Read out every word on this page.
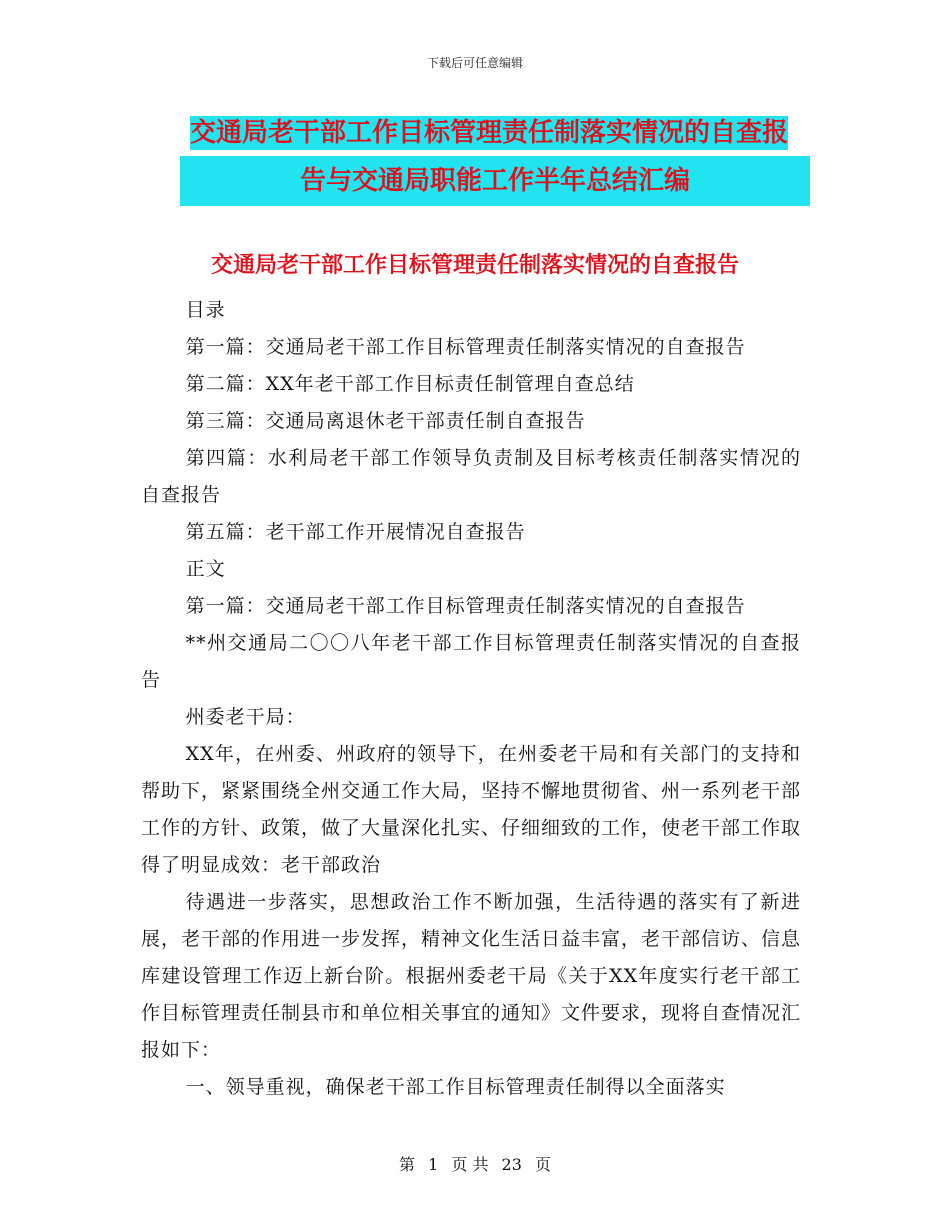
下载后可任意编辑
交通局老干部工作目标管理责任制落实情况的自查报
告与交通局职能工作半年总结汇编
交通局老干部工作目标管理责任制落实情况的自查报告

目录

第一篇：交通局老干部工作目标管理责任制落实情况的自查报告

第二篇：XX年老干部工作目标责任制管理自查总结

第三篇：交通局离退休老干部责任制自查报告

第四篇：水利局老干部工作领导负责制及目标考核责任制落实情况的自查报告

第五篇：老干部工作开展情况自查报告

正文

第一篇：交通局老干部工作目标管理责任制落实情况的自查报告

**州交通局二〇〇八年老干部工作目标管理责任制落实情况的自查报告

州委老干局：

XX年，在州委、州政府的领导下，在州委老干局和有关部门的支持和帮助下，紧紧围绕全州交通工作大局，坚持不懈地贯彻省、州一系列老干部工作的方针、政策，做了大量深化扎实、仔细细致的工作，使老干部工作取得了明显成效：老干部政治

待遇进一步落实，思想政治工作不断加强，生活待遇的落实有了新进展，老干部的作用进一步发挥，精神文化生活日益丰富，老干部信访、信息库建设管理工作迈上新台阶。根据州委老干局《关于XX年度实行老干部工作目标管理责任制县市和单位相关事宜的通知》文件要求，现将自查情况汇报如下：

一、领导重视，确保老干部工作目标管理责任制得以全面落实

第 1 页 共 23 页
